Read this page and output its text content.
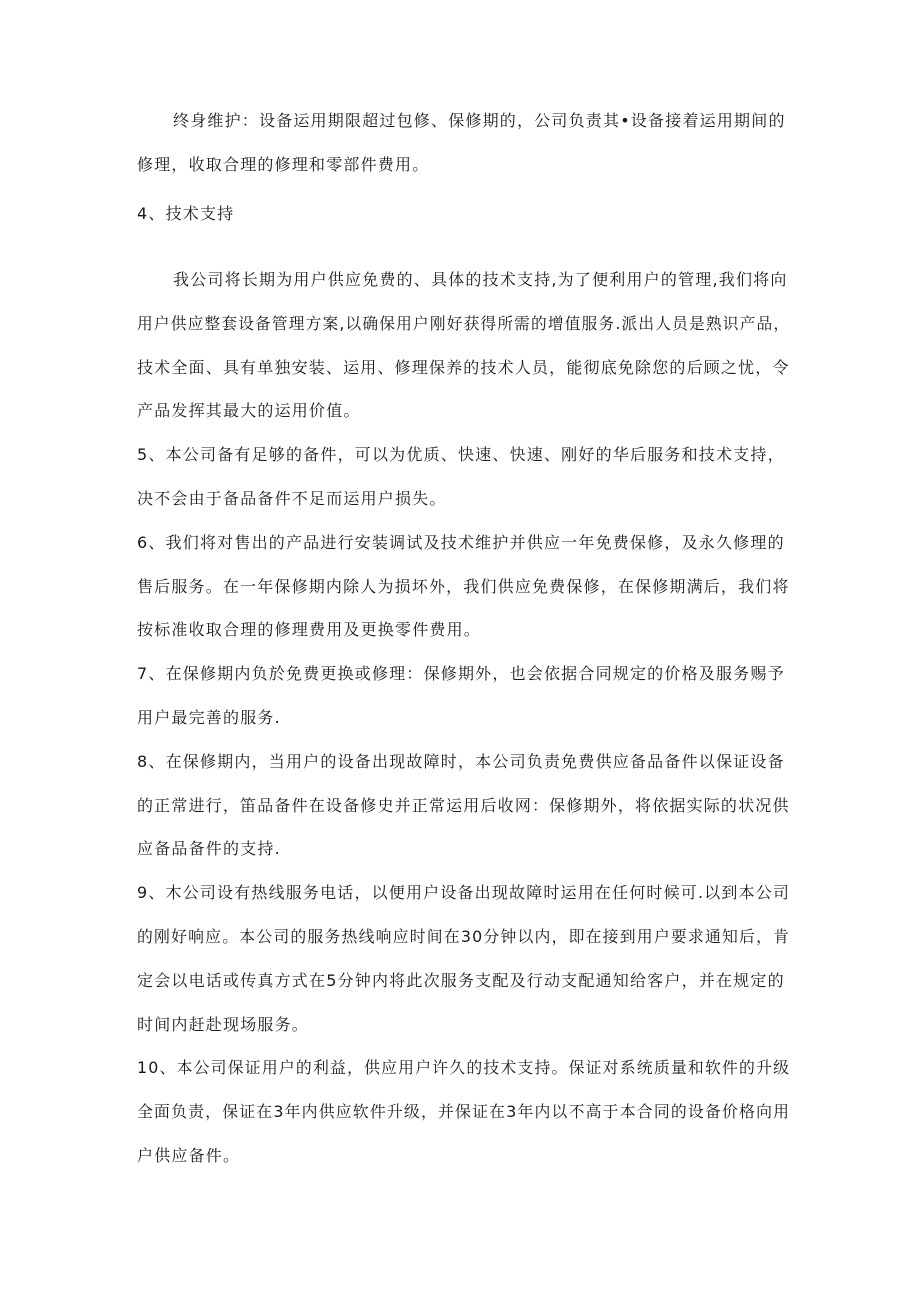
终身维护：设备运用期限超过包修、保修期的，公司负责其•设备接着运用期间的
修理，收取合理的修理和零部件费用。
4、技术支持
我公司将长期为用户供应免费的、具体的技术支持,为了便利用户的管理,我们将向
用户供应整套设备管理方案,以确保用户刚好获得所需的增值服务.派出人员是熟识产品，
技术全面、具有单独安装、运用、修理保养的技术人员，能彻底免除您的后顾之忧，令
产品发挥其最大的运用价值。
5、本公司备有足够的备件，可以为优质、快速、快速、刚好的华后服务和技术支持，
决不会由于备品备件不足而运用户损失。
6、我们将对售出的产品进行安装调试及技术维护并供应一年免费保修，及永久修理的
售后服务。在一年保修期内除人为损坏外，我们供应免费保修，在保修期满后，我们将
按标准收取合理的修理费用及更换零件费用。
7、在保修期内负於免费更换或修理：保修期外，也会依据合同规定的价格及服务赐予
用户最完善的服务.
8、在保修期内，当用户的设备出现故障时，本公司负责免费供应备品备件以保证设备
的正常进行，笛品备件在设备修史并正常运用后收网：保修期外，将依据实际的状况供
应备品备件的支持.
9、木公司设有热线服务电话，以便用户设备出现故障时运用在任何时候可.以到本公司
的刚好响应。本公司的服务热线响应时间在30分钟以内，即在接到用户要求通知后，肯
定会以电话或传真方式在5分钟内将此次服务支配及行动支配通知给客户，并在规定的
时间内赶赴现场服务。
10、本公司保证用户的利益，供应用户许久的技术支持。保证对系统质量和软件的升级
全面负责，保证在3年内供应软件升级，并保证在3年内以不高于本合同的设备价格向用
户供应备件。
